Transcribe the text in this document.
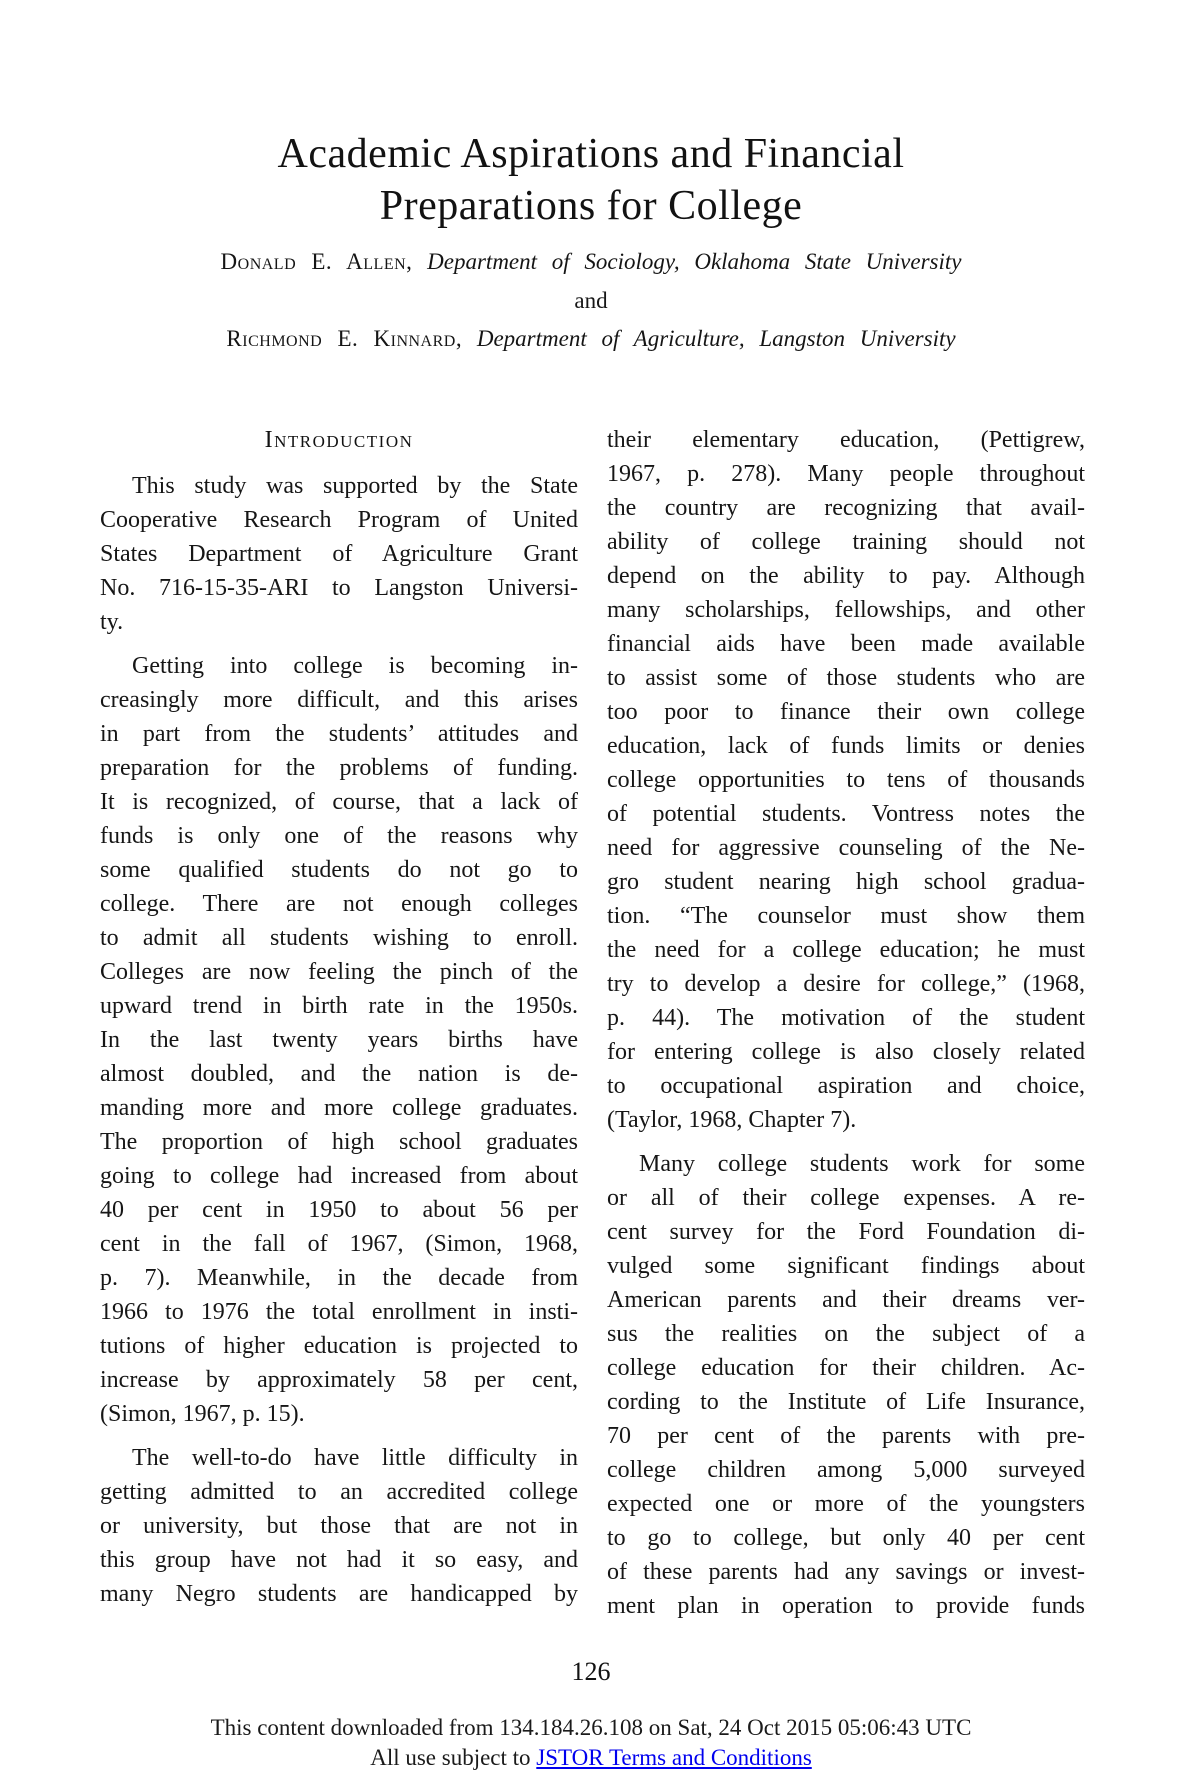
Academic Aspirations and Financial
Preparations for College
Donald E. Allen, Department of Sociology, Oklahoma State University
and
Richmond E. Kinnard, Department of Agriculture, Langston University
Introduction
This study was supported by the State
Cooperative Research Program of United
States Department of Agriculture Grant
No. 716-15-35-ARI to Langston Universi-
ty.
Getting into college is becoming in-
creasingly more difficult, and this arises
in part from the students’ attitudes and
preparation for the problems of funding.
It is recognized, of course, that a lack of
funds is only one of the reasons why
some qualified students do not go to
college. There are not enough colleges
to admit all students wishing to enroll.
Colleges are now feeling the pinch of the
upward trend in birth rate in the 1950s.
In the last twenty years births have
almost doubled, and the nation is de-
manding more and more college graduates.
The proportion of high school graduates
going to college had increased from about
40 per cent in 1950 to about 56 per
cent in the fall of 1967, (Simon, 1968,
p. 7). Meanwhile, in the decade from
1966 to 1976 the total enrollment in insti-
tutions of higher education is projected to
increase by approximately 58 per cent,
(Simon, 1967, p. 15).
The well-to-do have little difficulty in
getting admitted to an accredited college
or university, but those that are not in
this group have not had it so easy, and
many Negro students are handicapped by
their elementary education, (Pettigrew,
1967, p. 278). Many people throughout
the country are recognizing that avail-
ability of college training should not
depend on the ability to pay. Although
many scholarships, fellowships, and other
financial aids have been made available
to assist some of those students who are
too poor to finance their own college
education, lack of funds limits or denies
college opportunities to tens of thousands
of potential students. Vontress notes the
need for aggressive counseling of the Ne-
gro student nearing high school gradua-
tion. “The counselor must show them
the need for a college education; he must
try to develop a desire for college,” (1968,
p. 44). The motivation of the student
for entering college is also closely related
to occupational aspiration and choice,
(Taylor, 1968, Chapter 7).
Many college students work for some
or all of their college expenses. A re-
cent survey for the Ford Foundation di-
vulged some significant findings about
American parents and their dreams ver-
sus the realities on the subject of a
college education for their children. Ac-
cording to the Institute of Life Insurance,
70 per cent of the parents with pre-
college children among 5,000 surveyed
expected one or more of the youngsters
to go to college, but only 40 per cent
of these parents had any savings or invest-
ment plan in operation to provide funds
126
This content downloaded from 134.184.26.108 on Sat, 24 Oct 2015 05:06:43 UTC
All use subject to JSTOR Terms and Conditions
